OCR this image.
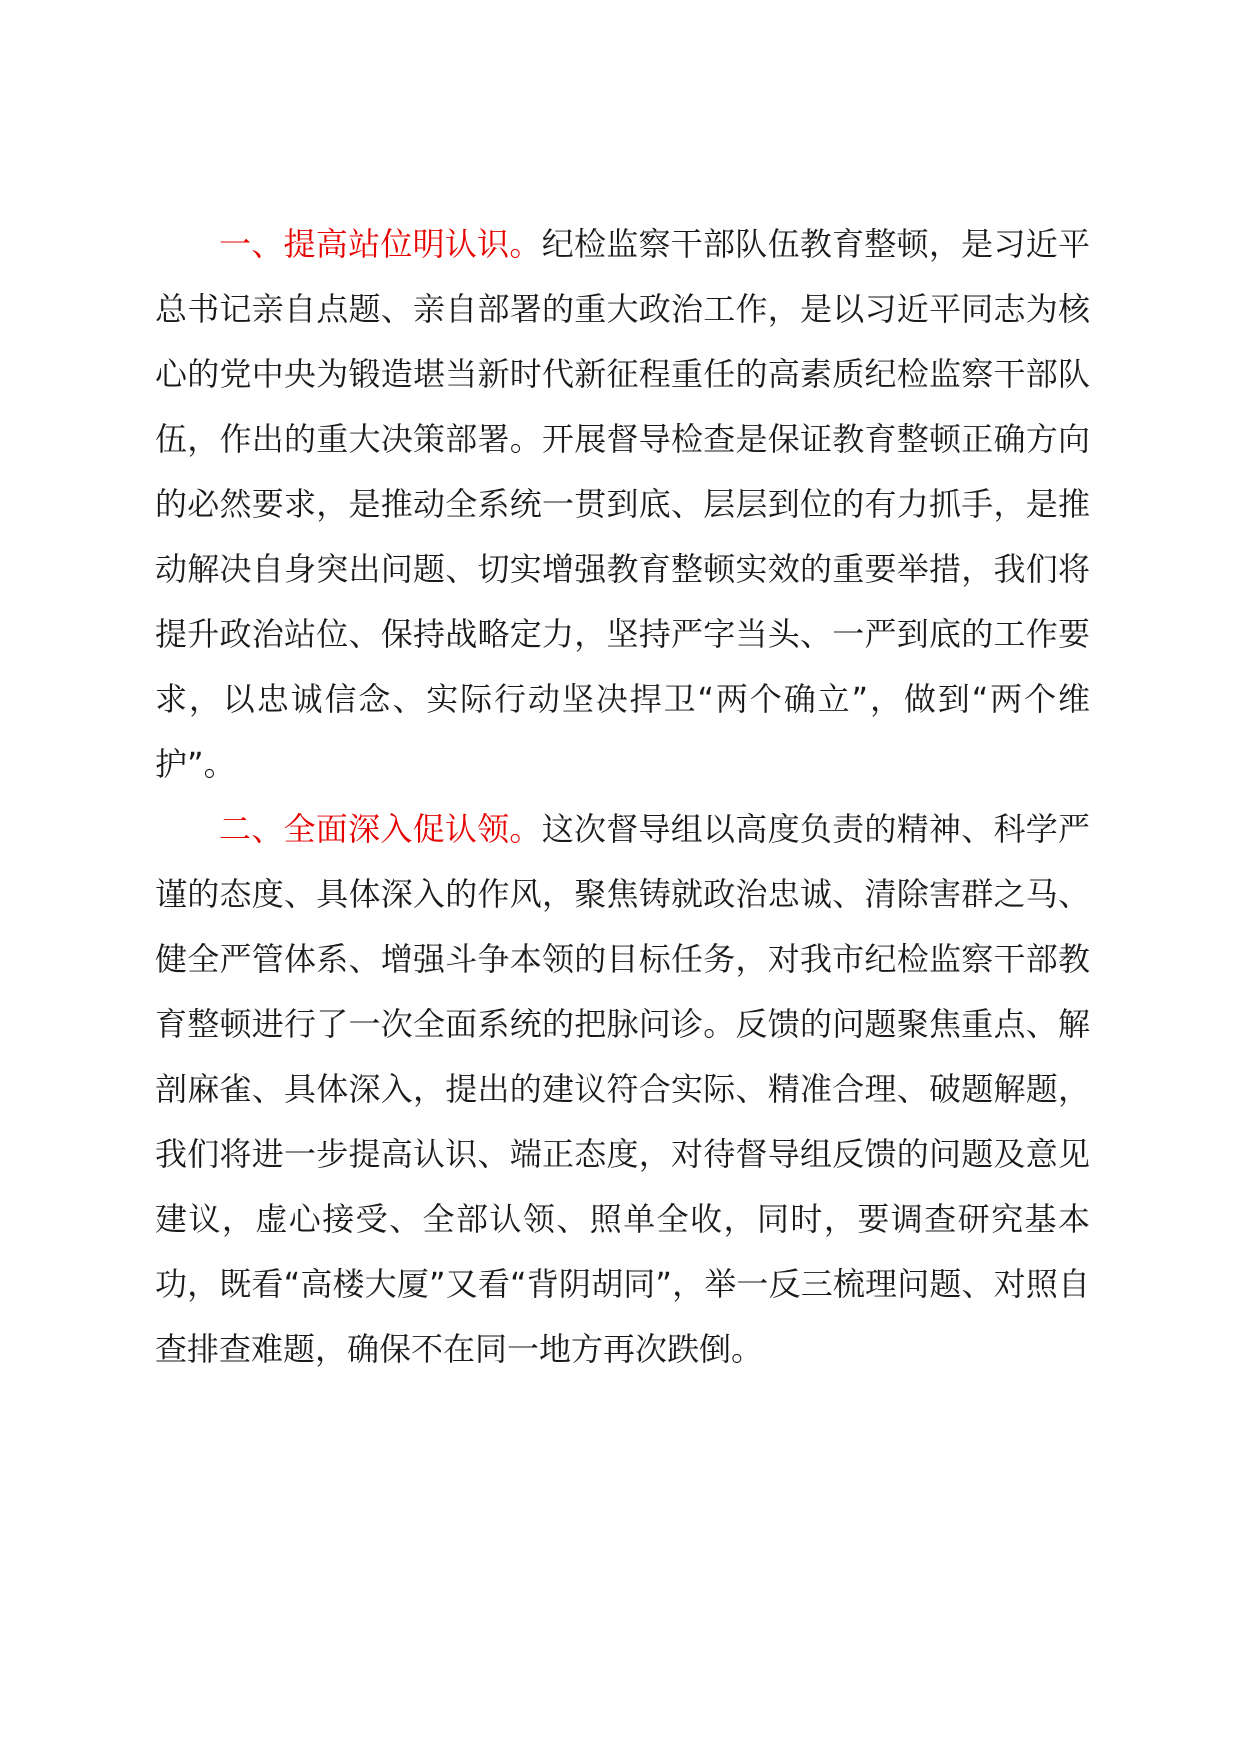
一、提高站位明认识。纪检监察干部队伍教育整顿，是习近平总书记亲自点题、亲自部署的重大政治工作，是以习近平同志为核心的党中央为锻造堪当新时代新征程重任的高素质纪检监察干部队伍，作出的重大决策部署。开展督导检查是保证教育整顿正确方向的必然要求，是推动全系统一贯到底、层层到位的有力抓手，是推动解决自身突出问题、切实增强教育整顿实效的重要举措，我们将提升政治站位、保持战略定力，坚持严字当头、一严到底的工作要求，以忠诚信念、实际行动坚决捍卫“两个确立”，做到“两个维护”。

二、全面深入促认领。这次督导组以高度负责的精神、科学严谨的态度、具体深入的作风，聚焦铸就政治忠诚、清除害群之马、健全严管体系、增强斗争本领的目标任务，对我市纪检监察干部教育整顿进行了一次全面系统的把脉问诊。反馈的问题聚焦重点、解剖麻雀、具体深入，提出的建议符合实际、精准合理、破题解题，我们将进一步提高认识、端正态度，对待督导组反馈的问题及意见建议，虚心接受、全部认领、照单全收，同时，要调查研究基本功，既看“高楼大厦”又看“背阴胡同”，举一反三梳理问题、对照自查排查难题，确保不在同一地方再次跌倒。
